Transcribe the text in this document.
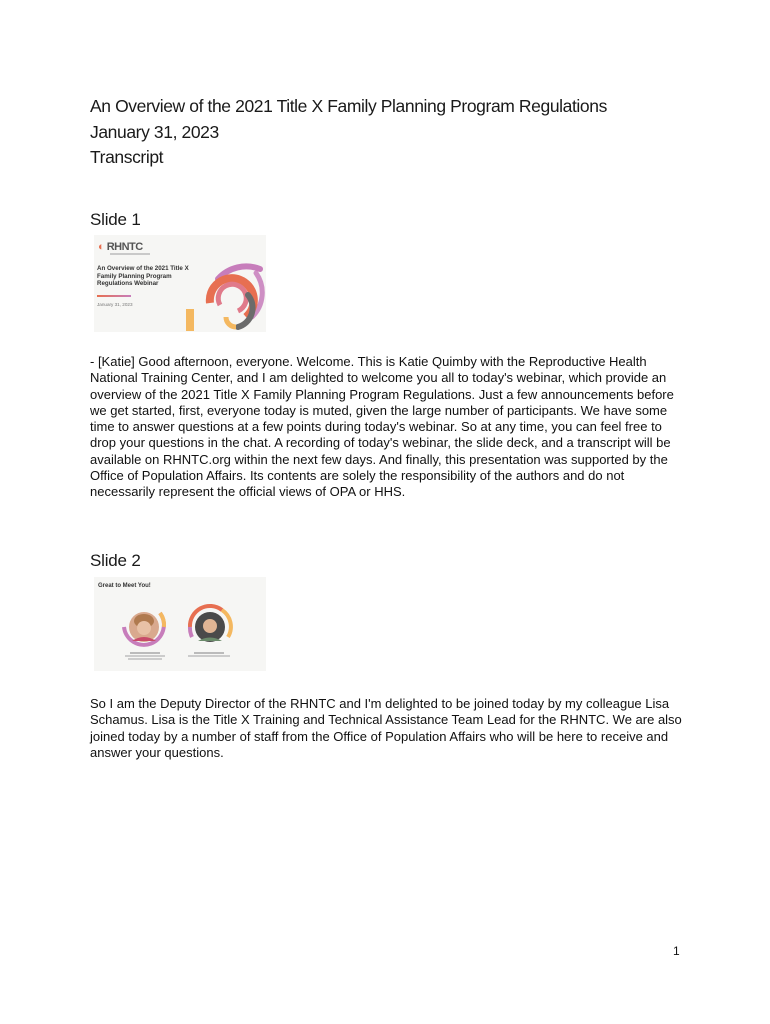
An Overview of the 2021 Title X Family Planning Program Regulations
January 31, 2023
Transcript
Slide 1
◐ RHNTC
An Overview of the 2021 Title X Family Planning Program Regulations Webinar
January 31, 2023
- [Katie] Good afternoon, everyone. Welcome. This is Katie Quimby with the Reproductive Health National Training Center, and I am delighted to welcome you all to today's webinar, which provide an overview of the 2021 Title X Family Planning Program Regulations. Just a few announcements before we get started, first, everyone today is muted, given the large number of participants. We have some time to answer questions at a few points during today's webinar. So at any time, you can feel free to drop your questions in the chat. A recording of today's webinar, the slide deck, and a transcript will be available on RHNTC.org within the next few days. And finally, this presentation was supported by the Office of Population Affairs. Its contents are solely the responsibility of the authors and do not necessarily represent the official views of OPA or HHS.
Slide 2
Great to Meet You!
So I am the Deputy Director of the RHNTC and I'm delighted to be joined today by my colleague Lisa Schamus. Lisa is the Title X Training and Technical Assistance Team Lead for the RHNTC. We are also joined today by a number of staff from the Office of Population Affairs who will be here to receive and answer your questions.
1
